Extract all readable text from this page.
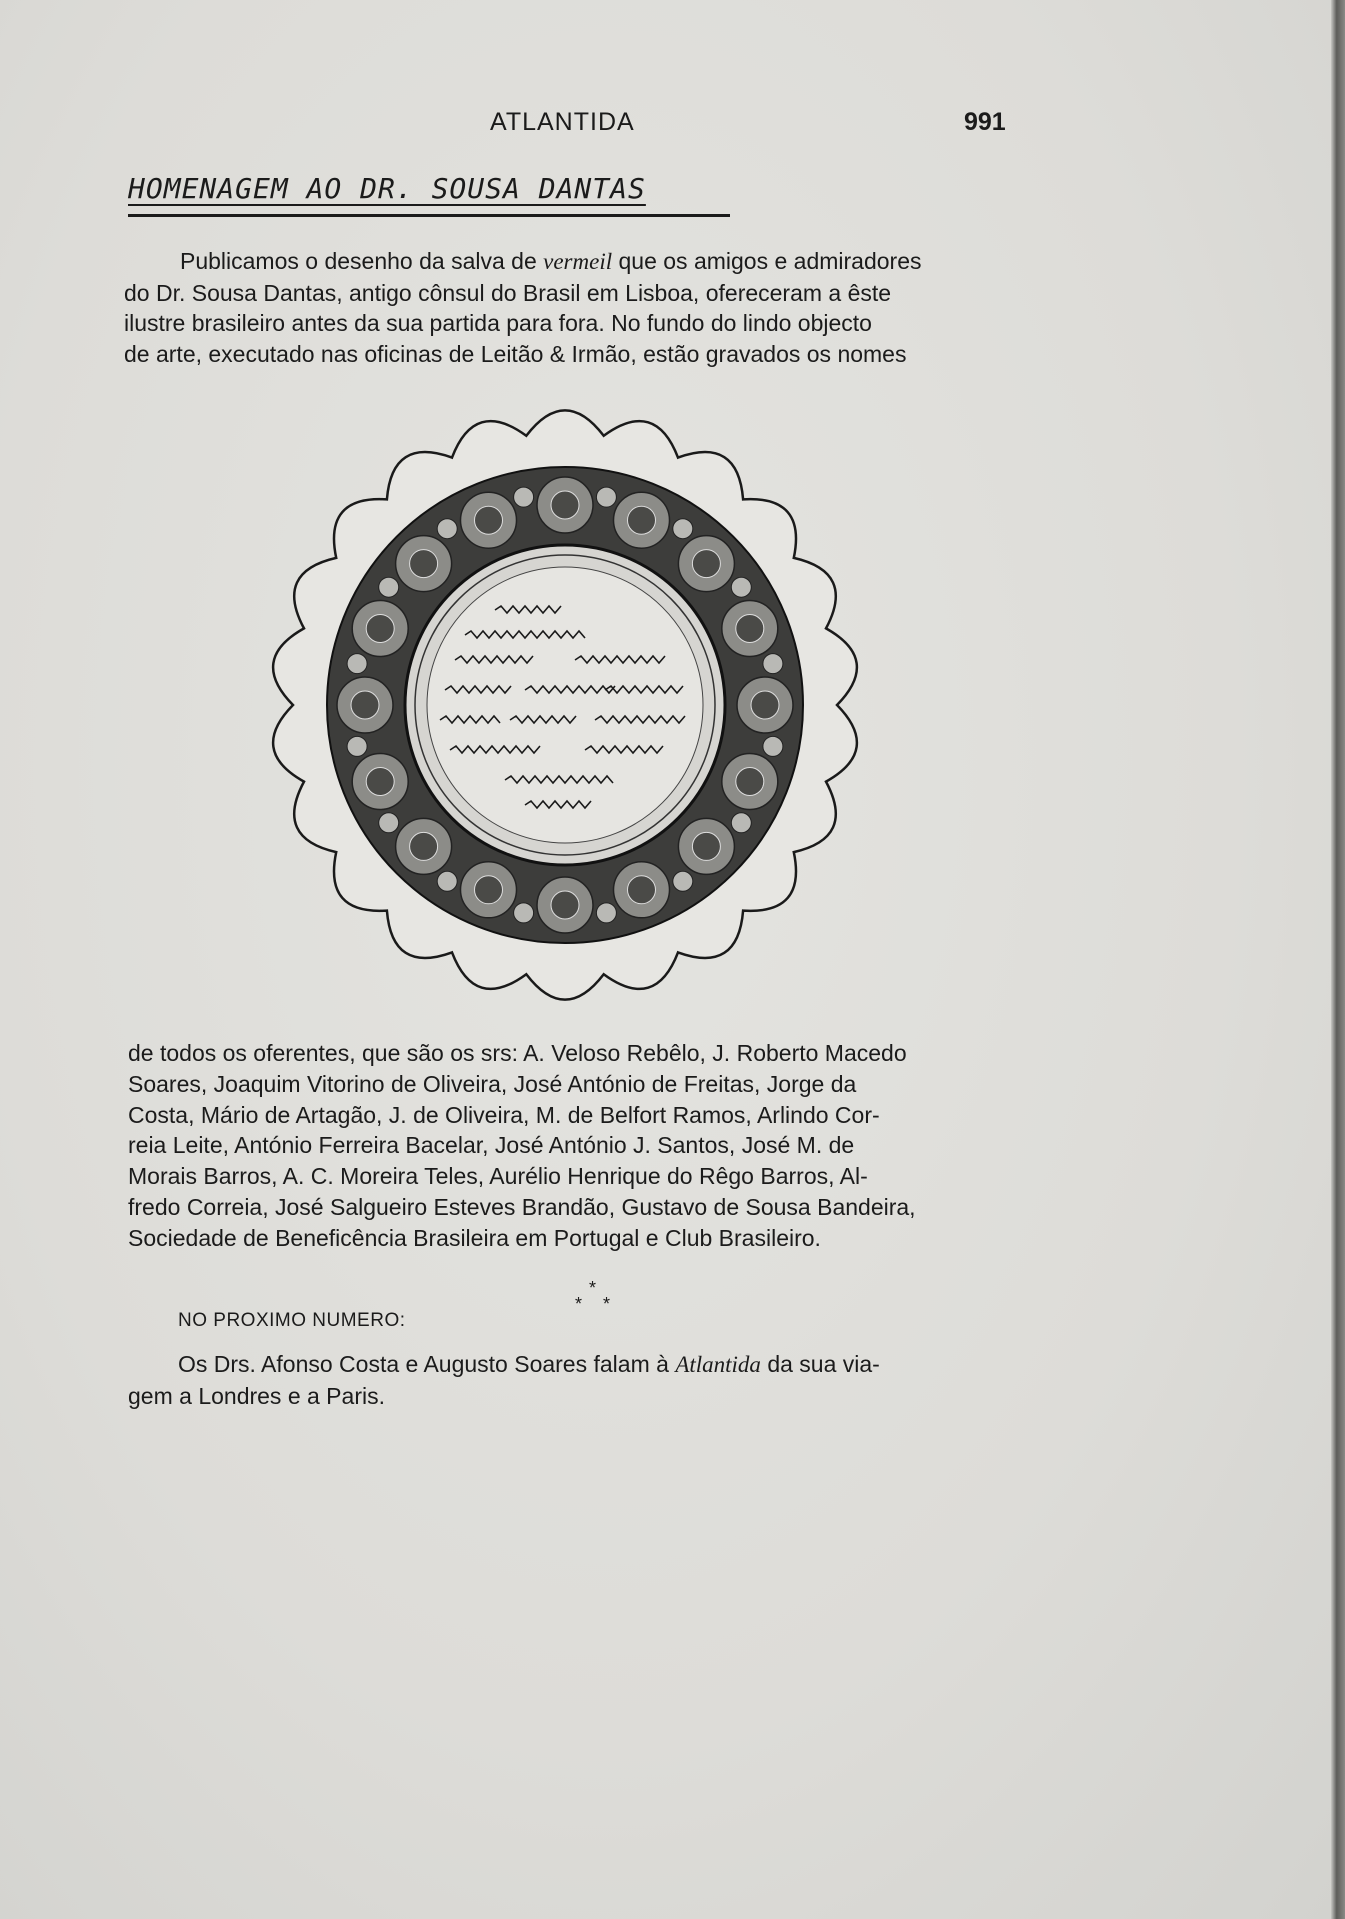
ATLANTIDA	991
HOMENAGEM AO DR. SOUSA DANTAS
Publicamos o desenho da salva de vermeil que os amigos e admiradores
do Dr. Sousa Dantas, antigo cônsul do Brasil em Lisboa, ofereceram a êste
ilustre brasileiro antes da sua partida para fora. No fundo do lindo objecto
de arte, executado nas oficinas de Leitão & Irmão, estão gravados os nomes
de todos os oferentes, que são os srs: A. Veloso Rebêlo, J. Roberto Macedo
Soares, Joaquim Vitorino de Oliveira, José António de Freitas, Jorge da
Costa, Mário de Artagão, J. de Oliveira, M. de Belfort Ramos, Arlindo Cor-
reia Leite, António Ferreira Bacelar, José António J. Santos, José M. de
Morais Barros, A. C. Moreira Teles, Aurélio Henrique do Rêgo Barros, Al-
fredo Correia, José Salgueiro Esteves Brandão, Gustavo de Sousa Bandeira,
Sociedade de Beneficência Brasileira em Portugal e Club Brasileiro.
*
* *
NO PROXIMO NUMERO:
Os Drs. Afonso Costa e Augusto Soares falam à Atlantida da sua via-
gem a Londres e a Paris.
